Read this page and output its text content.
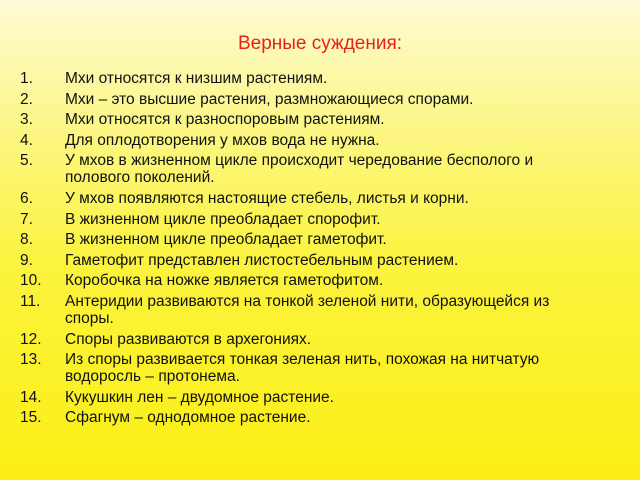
Верные суждения:
1. Мхи относятся к низшим растениям.
2. Мхи – это высшие растения, размножающиеся спорами.
3. Мхи относятся к разноспоровым растениям.
4. Для оплодотворения у мхов вода не нужна.
5. У мхов в жизненном цикле происходит чередование бесполого и полового поколений.
6. У мхов появляются настоящие стебель, листья и корни.
7. В жизненном цикле преобладает спорофит.
8. В жизненном цикле преобладает гаметофит.
9. Гаметофит представлен листостебельным растением.
10. Коробочка на ножке является гаметофитом.
11. Антеридии развиваются на тонкой зеленой нити, образующейся из споры.
12. Споры развиваются в архегониях.
13. Из споры развивается тонкая зеленая нить, похожая на нитчатую водоросль – протонема.
14. Кукушкин лен – двудомное растение.
15. Сфагнум – однодомное растение.
